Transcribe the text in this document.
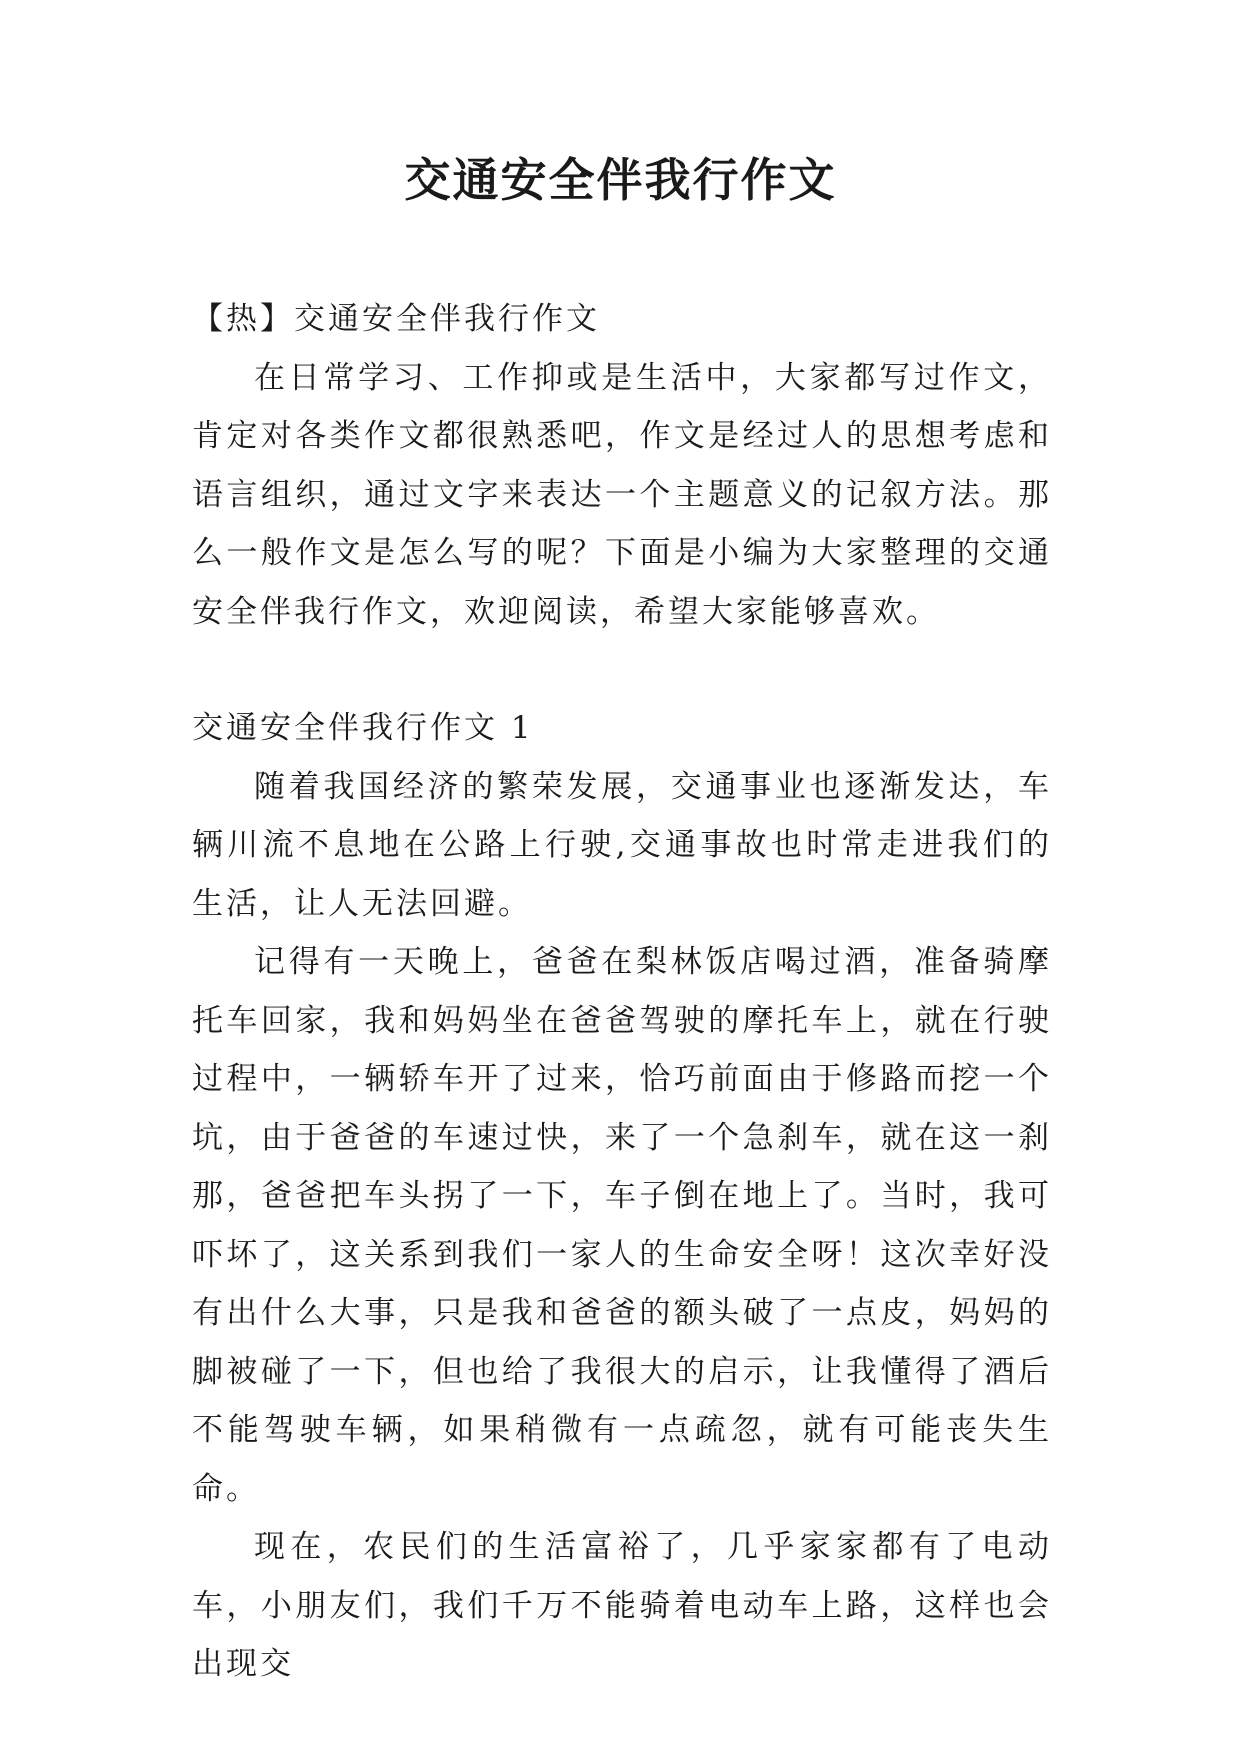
交通安全伴我行作文

【热】交通安全伴我行作文

在日常学习、工作抑或是生活中，大家都写过作文，肯定对各类作文都很熟悉吧，作文是经过人的思想考虑和语言组织，通过文字来表达一个主题意义的记叙方法。那么一般作文是怎么写的呢？下面是小编为大家整理的交通安全伴我行作文，欢迎阅读，希望大家能够喜欢。

交通安全伴我行作文 1

随着我国经济的繁荣发展，交通事业也逐渐发达，车辆川流不息地在公路上行驶,交通事故也时常走进我们的生活，让人无法回避。

记得有一天晚上，爸爸在梨林饭店喝过酒，准备骑摩托车回家，我和妈妈坐在爸爸驾驶的摩托车上，就在行驶过程中，一辆轿车开了过来，恰巧前面由于修路而挖一个坑，由于爸爸的车速过快，来了一个急刹车，就在这一刹那，爸爸把车头拐了一下，车子倒在地上了。当时，我可吓坏了，这关系到我们一家人的生命安全呀！这次幸好没有出什么大事，只是我和爸爸的额头破了一点皮，妈妈的脚被碰了一下，但也给了我很大的启示，让我懂得了酒后不能驾驶车辆，如果稍微有一点疏忽，就有可能丧失生命。

现在，农民们的生活富裕了，几乎家家都有了电动车，小朋友们，我们千万不能骑着电动车上路，这样也会出现交
